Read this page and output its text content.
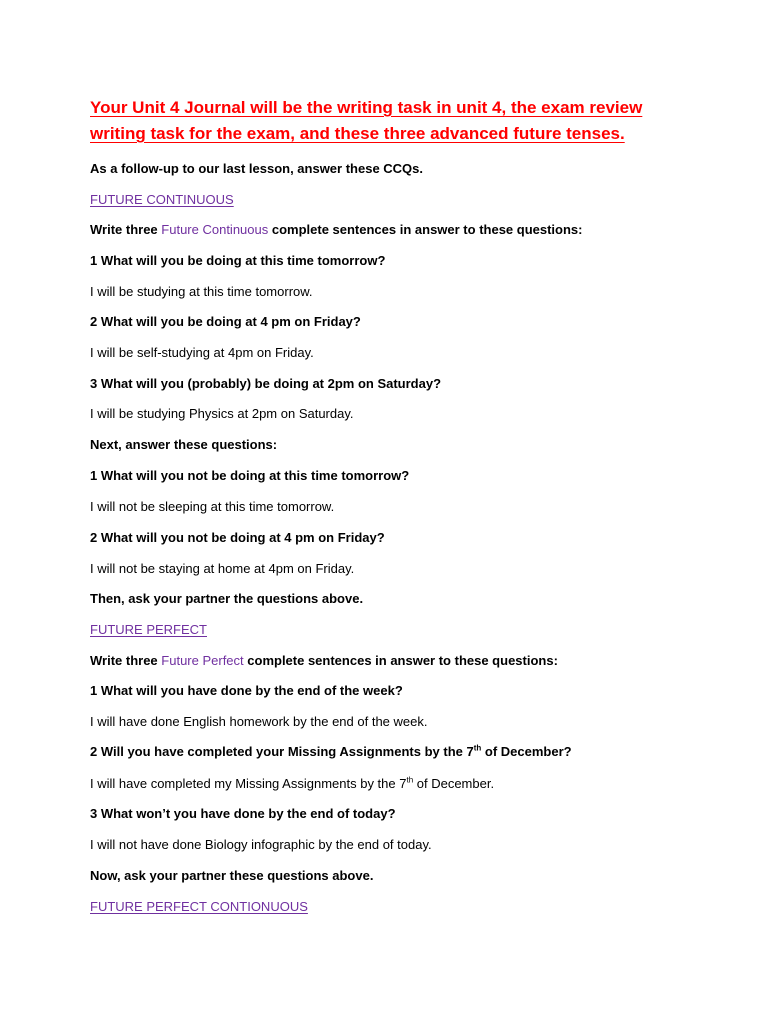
Your Unit 4 Journal will be the writing task in unit 4, the exam review

writing task for the exam, and these three advanced future tenses.

As a follow-up to our last lesson, answer these CCQs.

FUTURE CONTINUOUS

Write three Future Continuous complete sentences in answer to these questions:

1 What will you be doing at this time tomorrow?

I will be studying at this time tomorrow.

2 What will you be doing at 4 pm on Friday?

I will be self-studying at 4pm on Friday.

3 What will you (probably) be doing at 2pm on Saturday?

I will be studying Physics at 2pm on Saturday.

Next, answer these questions:

1 What will you not be doing at this time tomorrow?

I will not be sleeping at this time tomorrow.

2 What will you not be doing at 4 pm on Friday?

I will not be staying at home at 4pm on Friday.

Then, ask your partner the questions above.

FUTURE PERFECT

Write three Future Perfect complete sentences in answer to these questions:

1 What will you have done by the end of the week?

I will have done English homework by the end of the week.

2 Will you have completed your Missing Assignments by the 7th of December?

I will have completed my Missing Assignments by the 7th of December.

3 What won’t you have done by the end of today?

I will not have done Biology infographic by the end of today.

Now, ask your partner these questions above.

FUTURE PERFECT CONTIONUOUS
